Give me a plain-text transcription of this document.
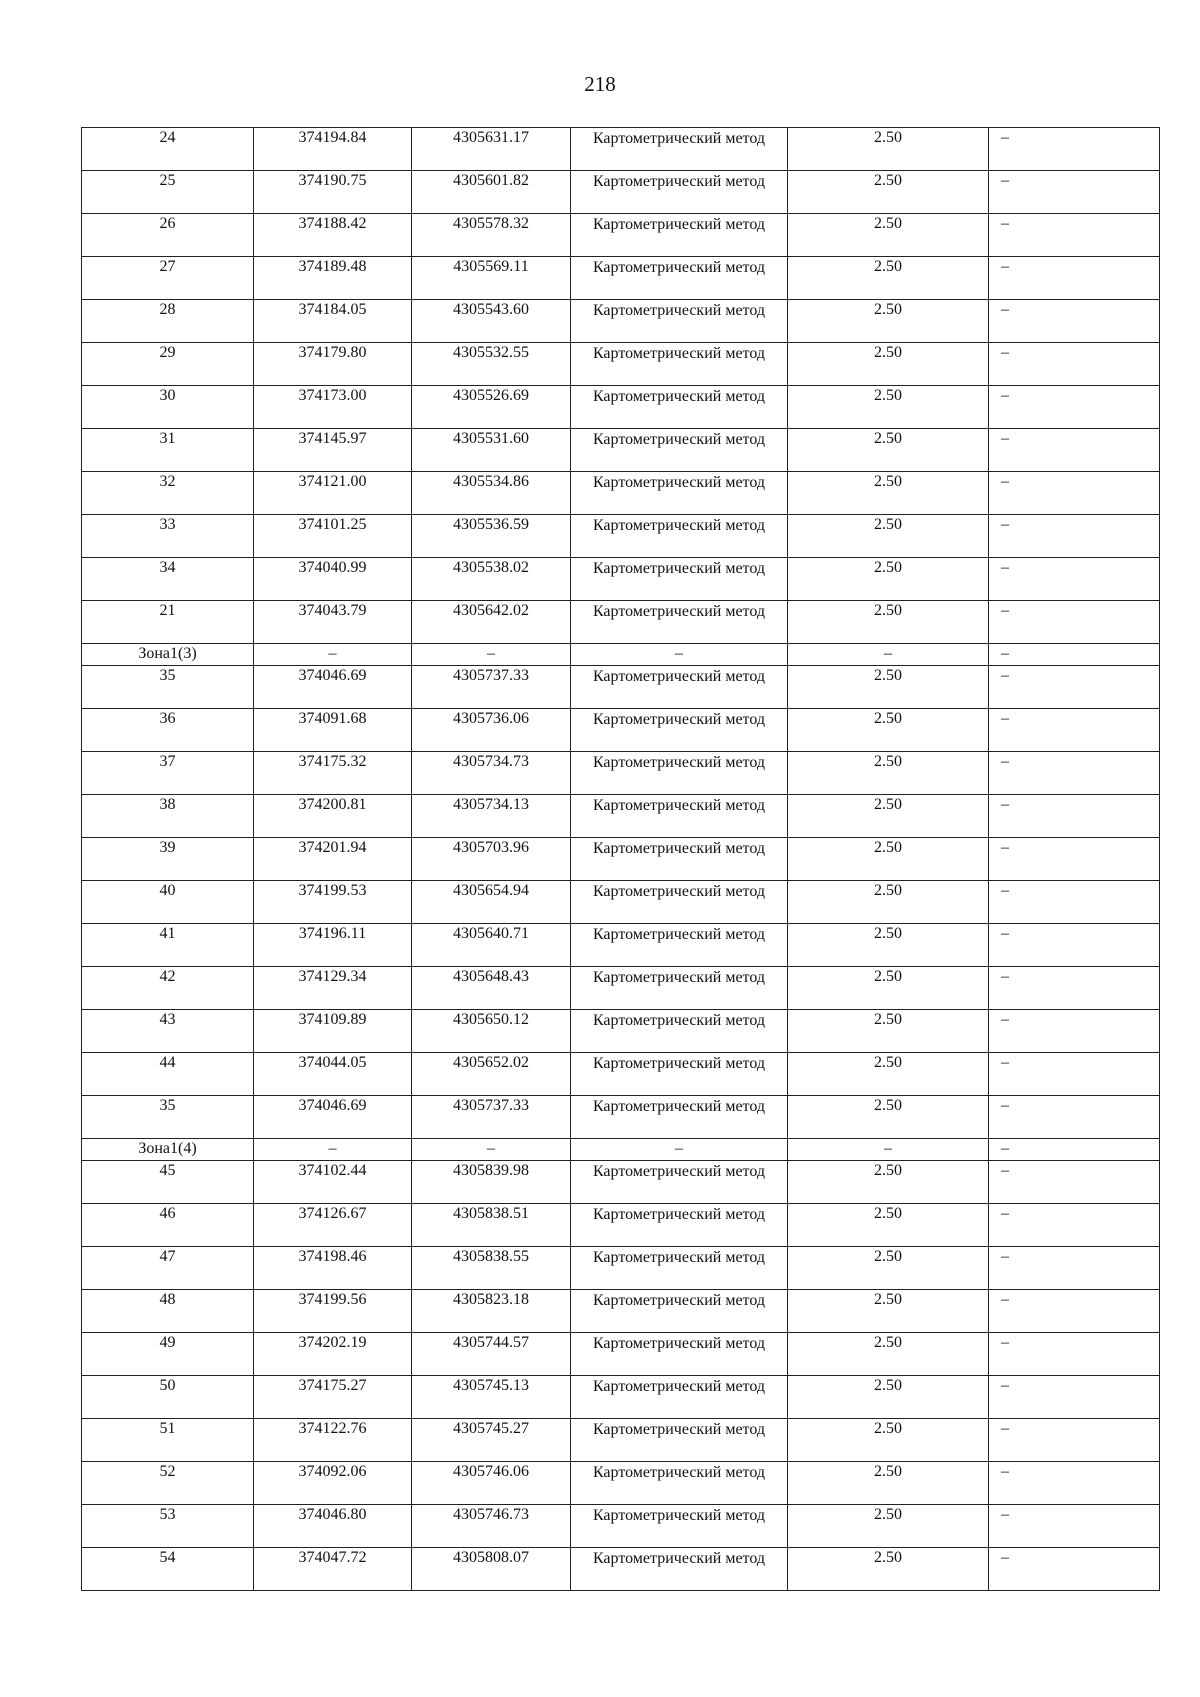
218
24	374194.84	4305631.17	Картометрический метод	2.50	–
25	374190.75	4305601.82	Картометрический метод	2.50	–
26	374188.42	4305578.32	Картометрический метод	2.50	–
27	374189.48	4305569.11	Картометрический метод	2.50	–
28	374184.05	4305543.60	Картометрический метод	2.50	–
29	374179.80	4305532.55	Картометрический метод	2.50	–
30	374173.00	4305526.69	Картометрический метод	2.50	–
31	374145.97	4305531.60	Картометрический метод	2.50	–
32	374121.00	4305534.86	Картометрический метод	2.50	–
33	374101.25	4305536.59	Картометрический метод	2.50	–
34	374040.99	4305538.02	Картометрический метод	2.50	–
21	374043.79	4305642.02	Картометрический метод	2.50	–
Зона1(3)	–	–	–	–	–
35	374046.69	4305737.33	Картометрический метод	2.50	–
36	374091.68	4305736.06	Картометрический метод	2.50	–
37	374175.32	4305734.73	Картометрический метод	2.50	–
38	374200.81	4305734.13	Картометрический метод	2.50	–
39	374201.94	4305703.96	Картометрический метод	2.50	–
40	374199.53	4305654.94	Картометрический метод	2.50	–
41	374196.11	4305640.71	Картометрический метод	2.50	–
42	374129.34	4305648.43	Картометрический метод	2.50	–
43	374109.89	4305650.12	Картометрический метод	2.50	–
44	374044.05	4305652.02	Картометрический метод	2.50	–
35	374046.69	4305737.33	Картометрический метод	2.50	–
Зона1(4)	–	–	–	–	–
45	374102.44	4305839.98	Картометрический метод	2.50	–
46	374126.67	4305838.51	Картометрический метод	2.50	–
47	374198.46	4305838.55	Картометрический метод	2.50	–
48	374199.56	4305823.18	Картометрический метод	2.50	–
49	374202.19	4305744.57	Картометрический метод	2.50	–
50	374175.27	4305745.13	Картометрический метод	2.50	–
51	374122.76	4305745.27	Картометрический метод	2.50	–
52	374092.06	4305746.06	Картометрический метод	2.50	–
53	374046.80	4305746.73	Картометрический метод	2.50	–
54	374047.72	4305808.07	Картометрический метод	2.50	–
